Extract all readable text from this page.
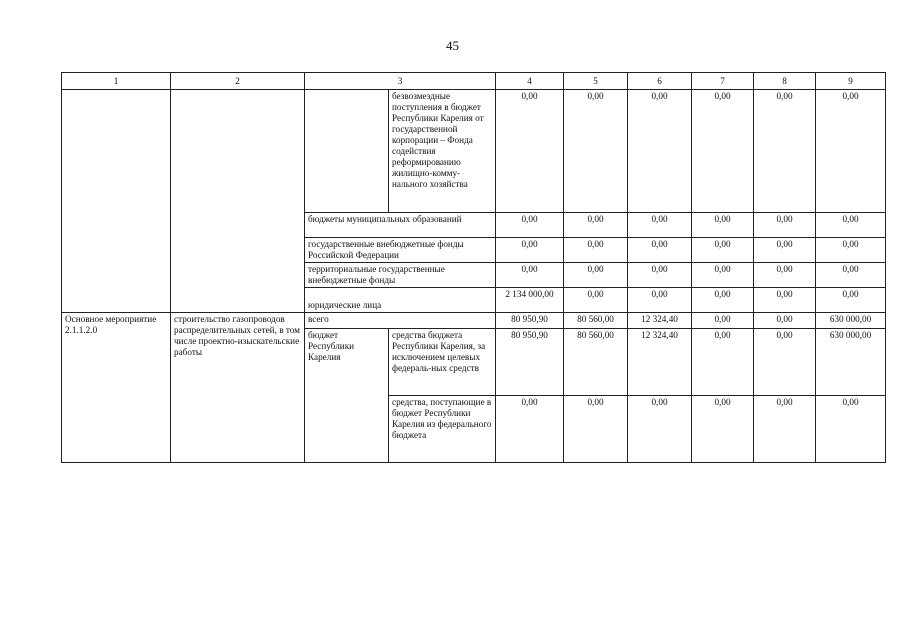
45
1	2	3		4	5	6	7	8	9
			безвозмездные поступления в бюджет Республики Карелия от государственной корпорации – Фонда содействия реформированию жилищно-комму-нального хозяйства	0,00	0,00	0,00	0,00	0,00	0,00
		бюджеты муниципальных образований		0,00	0,00	0,00	0,00	0,00	0,00
		государственные внебюджетные фонды Российской Федерации		0,00	0,00	0,00	0,00	0,00	0,00
		территориальные государственные внебюджетные фонды		0,00	0,00	0,00	0,00	0,00	0,00
		юридические лица		2 134 000,00	0,00	0,00	0,00	0,00	0,00
Основное мероприятие 2.1.1.2.0	строительство газопроводов распределительных сетей, в том числе проектно-изыскательские работы	всего		80 950,90	80 560,00	12 324,40	0,00	0,00	630 000,00
		бюджет Республики Карелия	средства бюджета Республики Карелия, за исключением целевых федераль-ных средств	80 950,90	80 560,00	12 324,40	0,00	0,00	630 000,00
			средства, поступающие в бюджет Республики Карелия из федерального бюджета	0,00	0,00	0,00	0,00	0,00	0,00
